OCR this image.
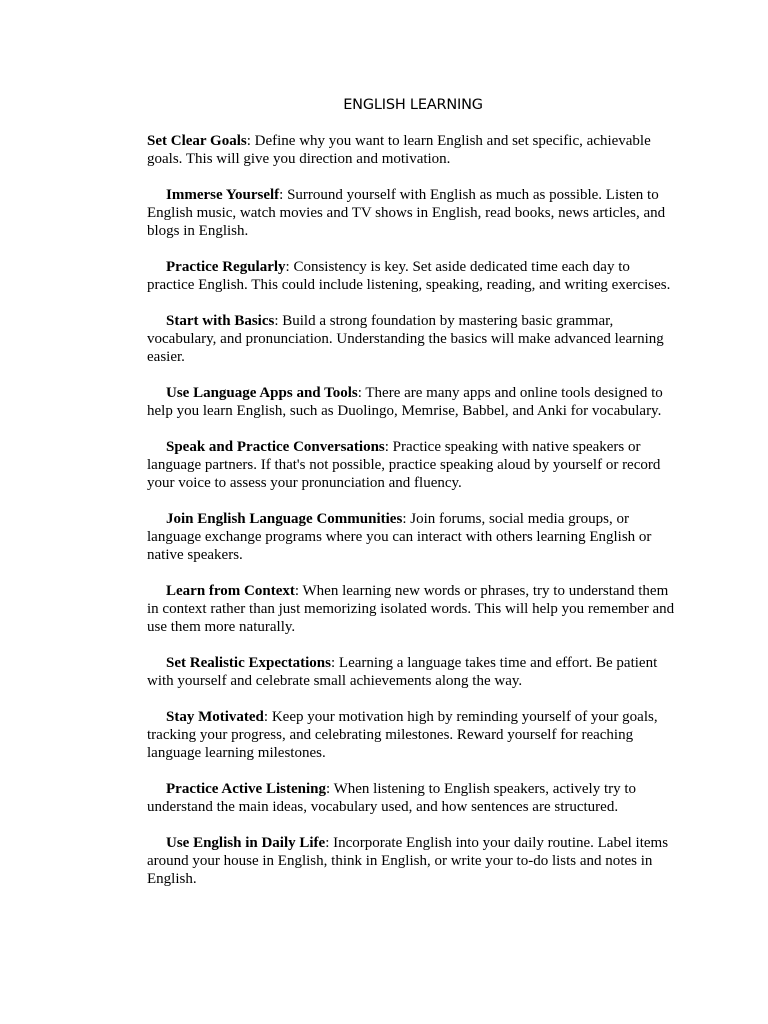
ENGLISH LEARNING

Set Clear Goals: Define why you want to learn English and set specific, achievable goals. This will give you direction and motivation.

Immerse Yourself: Surround yourself with English as much as possible. Listen to English music, watch movies and TV shows in English, read books, news articles, and blogs in English.

Practice Regularly: Consistency is key. Set aside dedicated time each day to practice English. This could include listening, speaking, reading, and writing exercises.

Start with Basics: Build a strong foundation by mastering basic grammar, vocabulary, and pronunciation. Understanding the basics will make advanced learning easier.

Use Language Apps and Tools: There are many apps and online tools designed to help you learn English, such as Duolingo, Memrise, Babbel, and Anki for vocabulary.

Speak and Practice Conversations: Practice speaking with native speakers or language partners. If that's not possible, practice speaking aloud by yourself or record your voice to assess your pronunciation and fluency.

Join English Language Communities: Join forums, social media groups, or language exchange programs where you can interact with others learning English or native speakers.

Learn from Context: When learning new words or phrases, try to understand them in context rather than just memorizing isolated words. This will help you remember and use them more naturally.

Set Realistic Expectations: Learning a language takes time and effort. Be patient with yourself and celebrate small achievements along the way.

Stay Motivated: Keep your motivation high by reminding yourself of your goals, tracking your progress, and celebrating milestones. Reward yourself for reaching language learning milestones.

Practice Active Listening: When listening to English speakers, actively try to understand the main ideas, vocabulary used, and how sentences are structured.

Use English in Daily Life: Incorporate English into your daily routine. Label items around your house in English, think in English, or write your to-do lists and notes in English.
